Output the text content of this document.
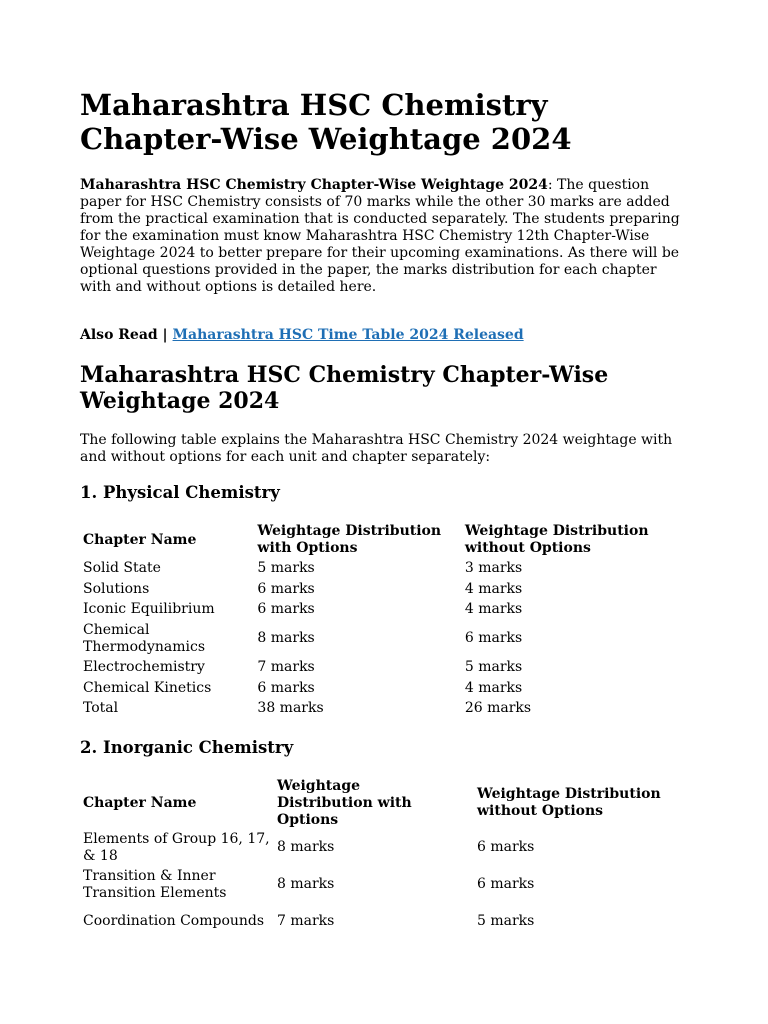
Maharashtra HSC Chemistry Chapter-Wise Weightage 2024

Maharashtra HSC Chemistry Chapter-Wise Weightage 2024: The question paper for HSC Chemistry consists of 70 marks while the other 30 marks are added from the practical examination that is conducted separately. The students preparing for the examination must know Maharashtra HSC Chemistry 12th Chapter-Wise Weightage 2024 to better prepare for their upcoming examinations. As there will be optional questions provided in the paper, the marks distribution for each chapter with and without options is detailed here.

Also Read | Maharashtra HSC Time Table 2024 Released

Maharashtra HSC Chemistry Chapter-Wise Weightage 2024

The following table explains the Maharashtra HSC Chemistry 2024 weightage with and without options for each unit and chapter separately:

1. Physical Chemistry
Chapter Name	Weightage Distribution with Options	Weightage Distribution without Options
Solid State	5 marks	3 marks
Solutions	6 marks	4 marks
Iconic Equilibrium	6 marks	4 marks
Chemical Thermodynamics	8 marks	6 marks
Electrochemistry	7 marks	5 marks
Chemical Kinetics	6 marks	4 marks
Total	38 marks	26 marks
2. Inorganic Chemistry
Chapter Name	Weightage Distribution with Options	Weightage Distribution without Options
Elements of Group 16, 17, & 18	8 marks	6 marks
Transition & Inner Transition Elements	8 marks	6 marks
Coordination Compounds	7 marks	5 marks
